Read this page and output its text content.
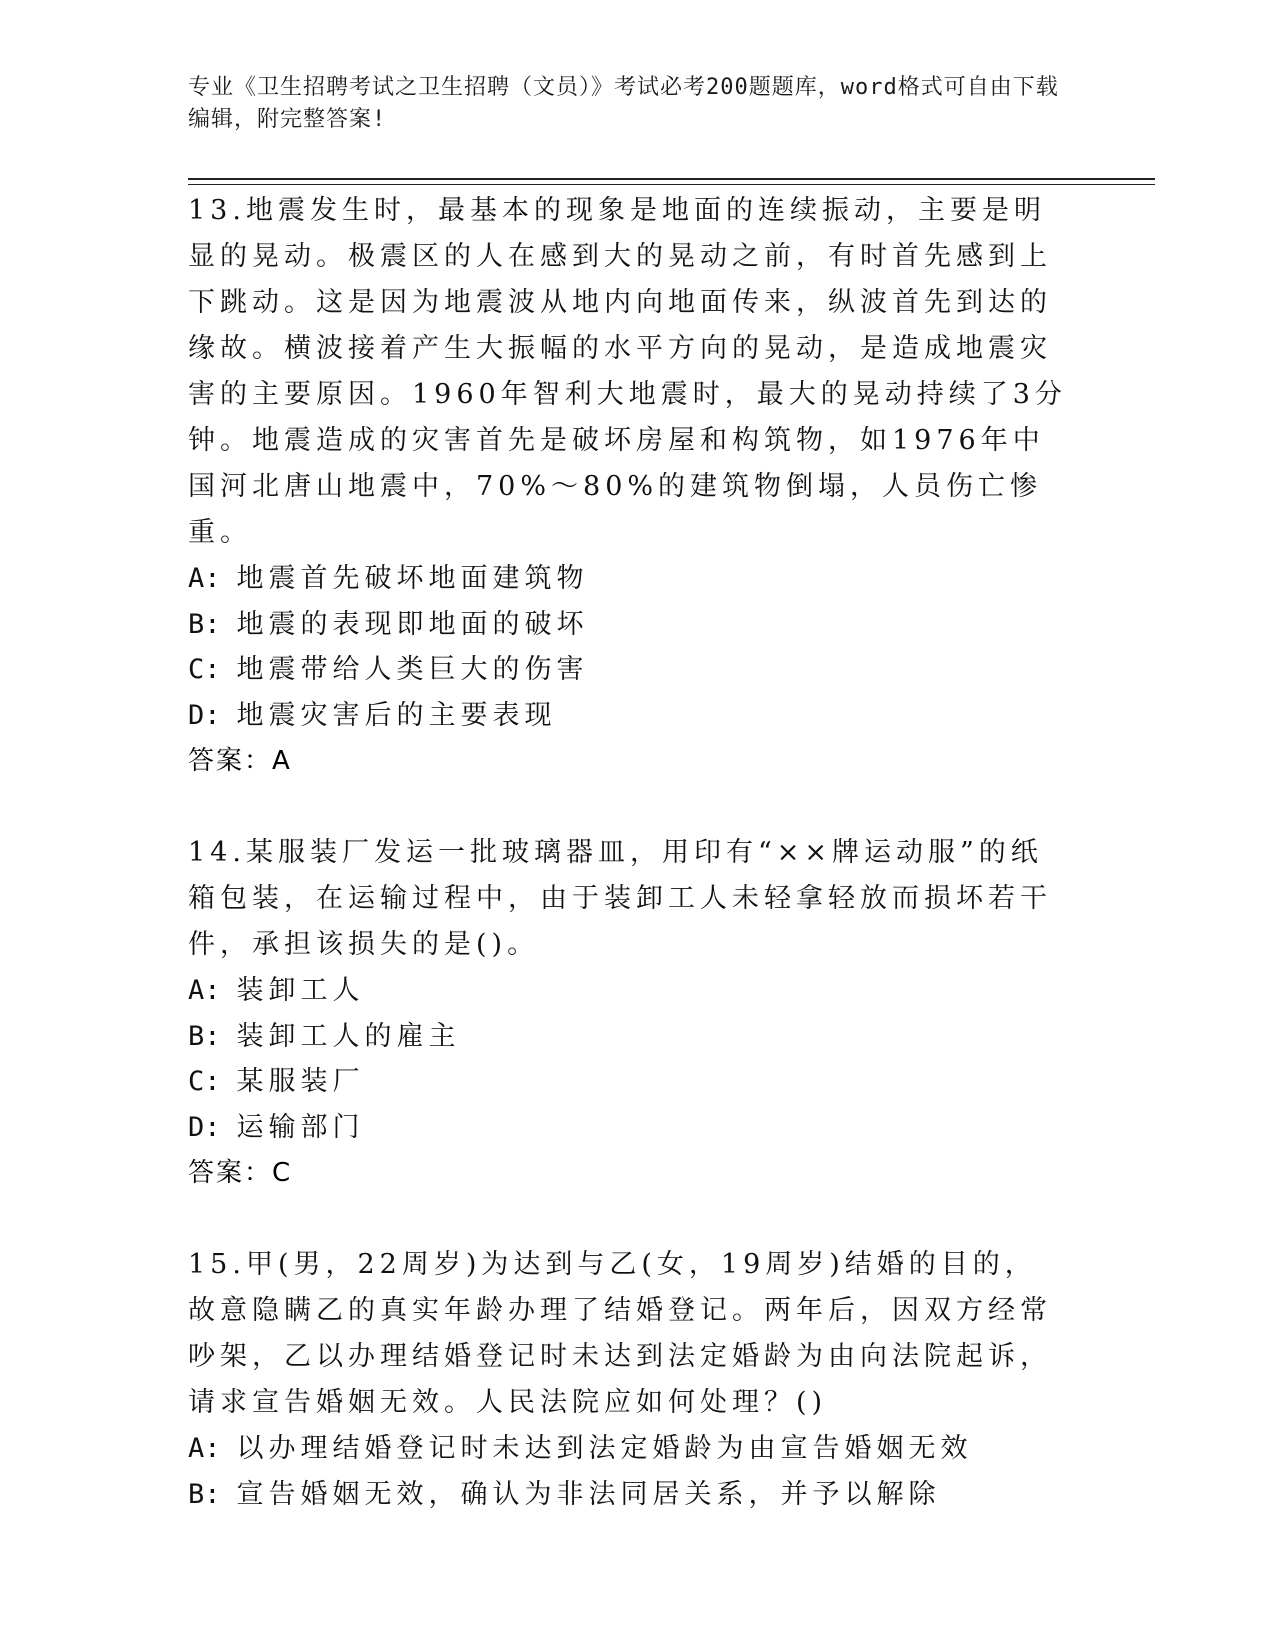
专业《卫生招聘考试之卫生招聘（文员）》考试必考200题题库，word格式可自由下载编辑，附完整答案!
13.地震发生时，最基本的现象是地面的连续振动，主要是明显的晃动。极震区的人在感到大的晃动之前，有时首先感到上下跳动。这是因为地震波从地内向地面传来，纵波首先到达的缘故。横波接着产生大振幅的水平方向的晃动，是造成地震灾害的主要原因。1960年智利大地震时，最大的晃动持续了3分钟。地震造成的灾害首先是破坏房屋和构筑物，如1976年中国河北唐山地震中，70%～80%的建筑物倒塌，人员伤亡惨重。
A: 地震首先破坏地面建筑物
B: 地震的表现即地面的破坏
C: 地震带给人类巨大的伤害
D: 地震灾害后的主要表现
答案：A
14.某服装厂发运一批玻璃器皿，用印有“××牌运动服”的纸箱包装，在运输过程中，由于装卸工人未轻拿轻放而损坏若干件，承担该损失的是()。
A: 装卸工人
B: 装卸工人的雇主
C: 某服装厂
D: 运输部门
答案：C
15.甲(男，22周岁)为达到与乙(女，19周岁)结婚的目的，故意隐瞒乙的真实年龄办理了结婚登记。两年后，因双方经常吵架，乙以办理结婚登记时未达到法定婚龄为由向法院起诉，请求宣告婚姻无效。人民法院应如何处理？()
A: 以办理结婚登记时未达到法定婚龄为由宣告婚姻无效
B: 宣告婚姻无效，确认为非法同居关系，并予以解除
